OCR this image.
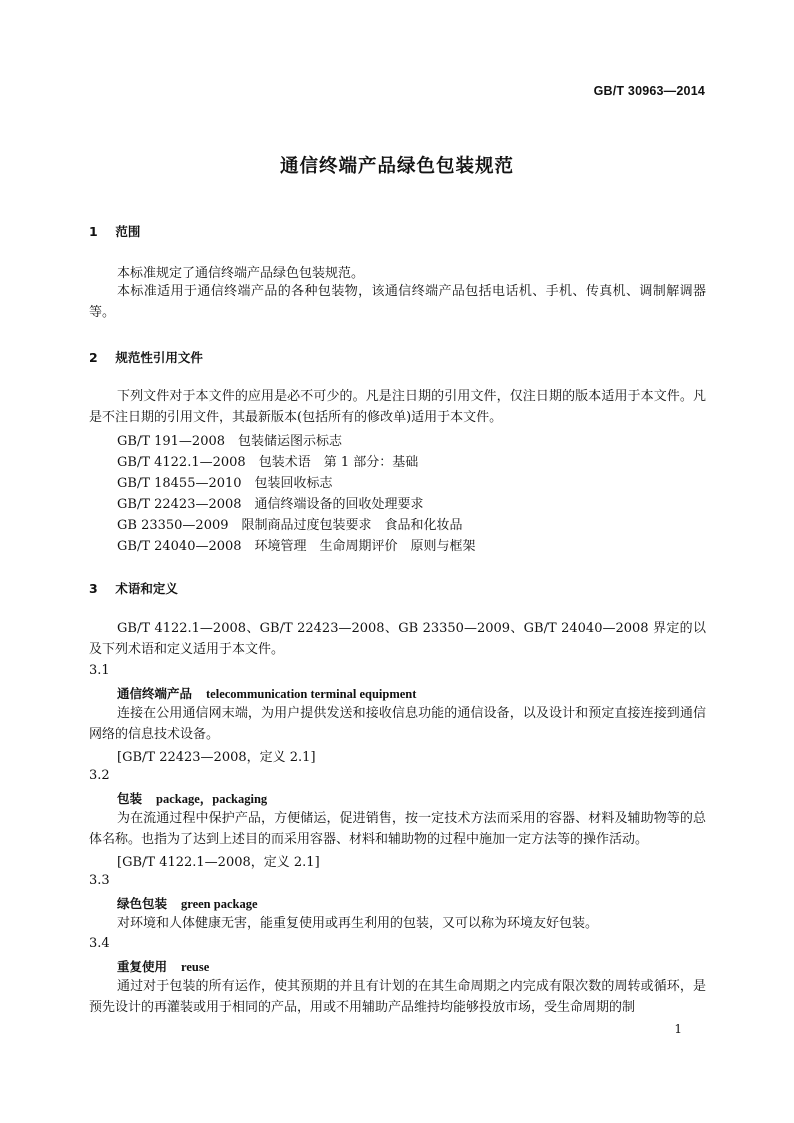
GB/T 30963—2014
通信终端产品绿色包装规范
1 范围
本标准规定了通信终端产品绿色包装规范。
本标准适用于通信终端产品的各种包装物，该通信终端产品包括电话机、手机、传真机、调制解调器等。
2 规范性引用文件
下列文件对于本文件的应用是必不可少的。凡是注日期的引用文件，仅注日期的版本适用于本文件。凡是不注日期的引用文件，其最新版本(包括所有的修改单)适用于本文件。
GB/T 191—2008　包装储运图示标志
GB/T 4122.1—2008　包装术语　第 1 部分：基础
GB/T 18455—2010　包装回收标志
GB/T 22423—2008　通信终端设备的回收处理要求
GB 23350—2009　限制商品过度包装要求　食品和化妆品
GB/T 24040—2008　环境管理　生命周期评价　原则与框架
3 术语和定义
GB/T 4122.1—2008、GB/T 22423—2008、GB 23350—2009、GB/T 24040—2008 界定的以及下列术语和定义适用于本文件。
3.1
通信终端产品 telecommunication terminal equipment
连接在公用通信网末端，为用户提供发送和接收信息功能的通信设备，以及设计和预定直接连接到通信网络的信息技术设备。
[GB/T 22423—2008，定义 2.1]
3.2
包装 package，packaging
为在流通过程中保护产品，方便储运，促进销售，按一定技术方法而采用的容器、材料及辅助物等的总体名称。也指为了达到上述目的而采用容器、材料和辅助物的过程中施加一定方法等的操作活动。
[GB/T 4122.1—2008，定义 2.1]
3.3
绿色包装 green package
对环境和人体健康无害，能重复使用或再生利用的包装，又可以称为环境友好包装。
3.4
重复使用 reuse
通过对于包装的所有运作，使其预期的并且有计划的在其生命周期之内完成有限次数的周转或循环，是预先设计的再灌装或用于相同的产品，用或不用辅助产品维持均能够投放市场，受生命周期的制
1
